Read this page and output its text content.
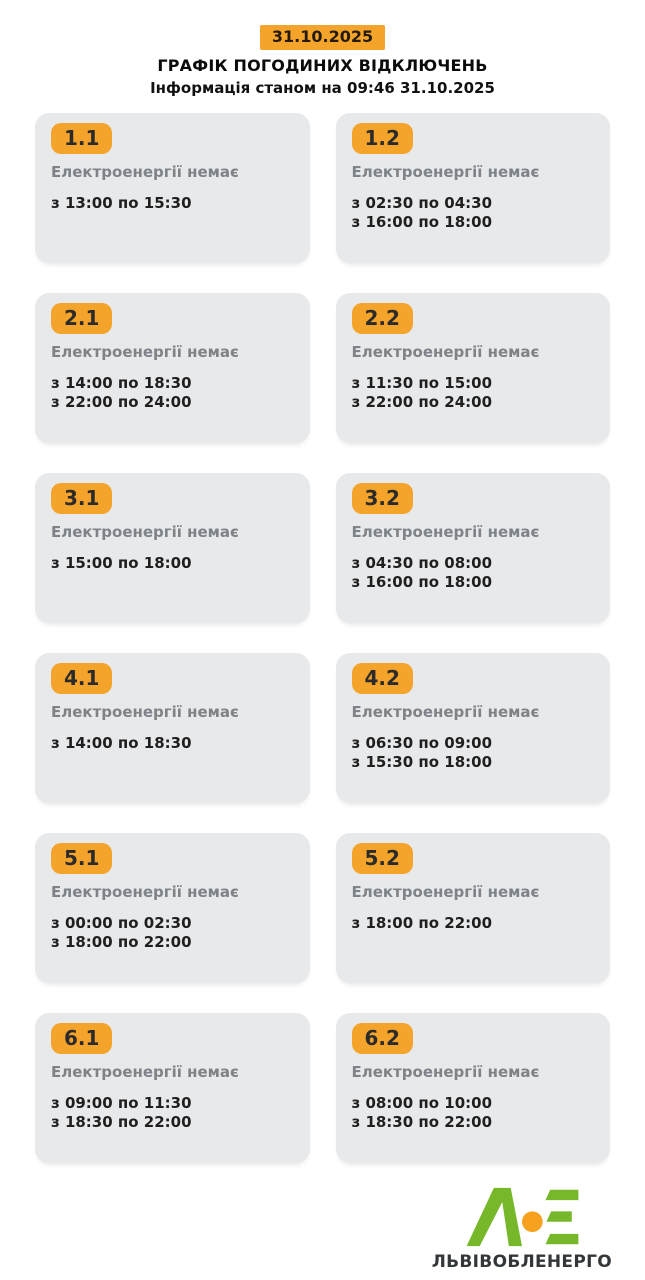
31.10.2025
ГРАФІК ПОГОДИНИХ ВІДКЛЮЧЕНЬ
Інформація станом на 09:46 31.10.2025
1.1
Електроенергії немає
з 13:00 по 15:30
1.2
Електроенергії немає
з 02:30 по 04:30
з 16:00 по 18:00
2.1
Електроенергії немає
з 14:00 по 18:30
з 22:00 по 24:00
2.2
Електроенергії немає
з 11:30 по 15:00
з 22:00 по 24:00
3.1
Електроенергії немає
з 15:00 по 18:00
3.2
Електроенергії немає
з 04:30 по 08:00
з 16:00 по 18:00
4.1
Електроенергії немає
з 14:00 по 18:30
4.2
Електроенергії немає
з 06:30 по 09:00
з 15:30 по 18:00
5.1
Електроенергії немає
з 00:00 по 02:30
з 18:00 по 22:00
5.2
Електроенергії немає
з 18:00 по 22:00
6.1
Електроенергії немає
з 09:00 по 11:30
з 18:30 по 22:00
6.2
Електроенергії немає
з 08:00 по 10:00
з 18:30 по 22:00
ЛЬВІВОБЛЕНЕРГО
